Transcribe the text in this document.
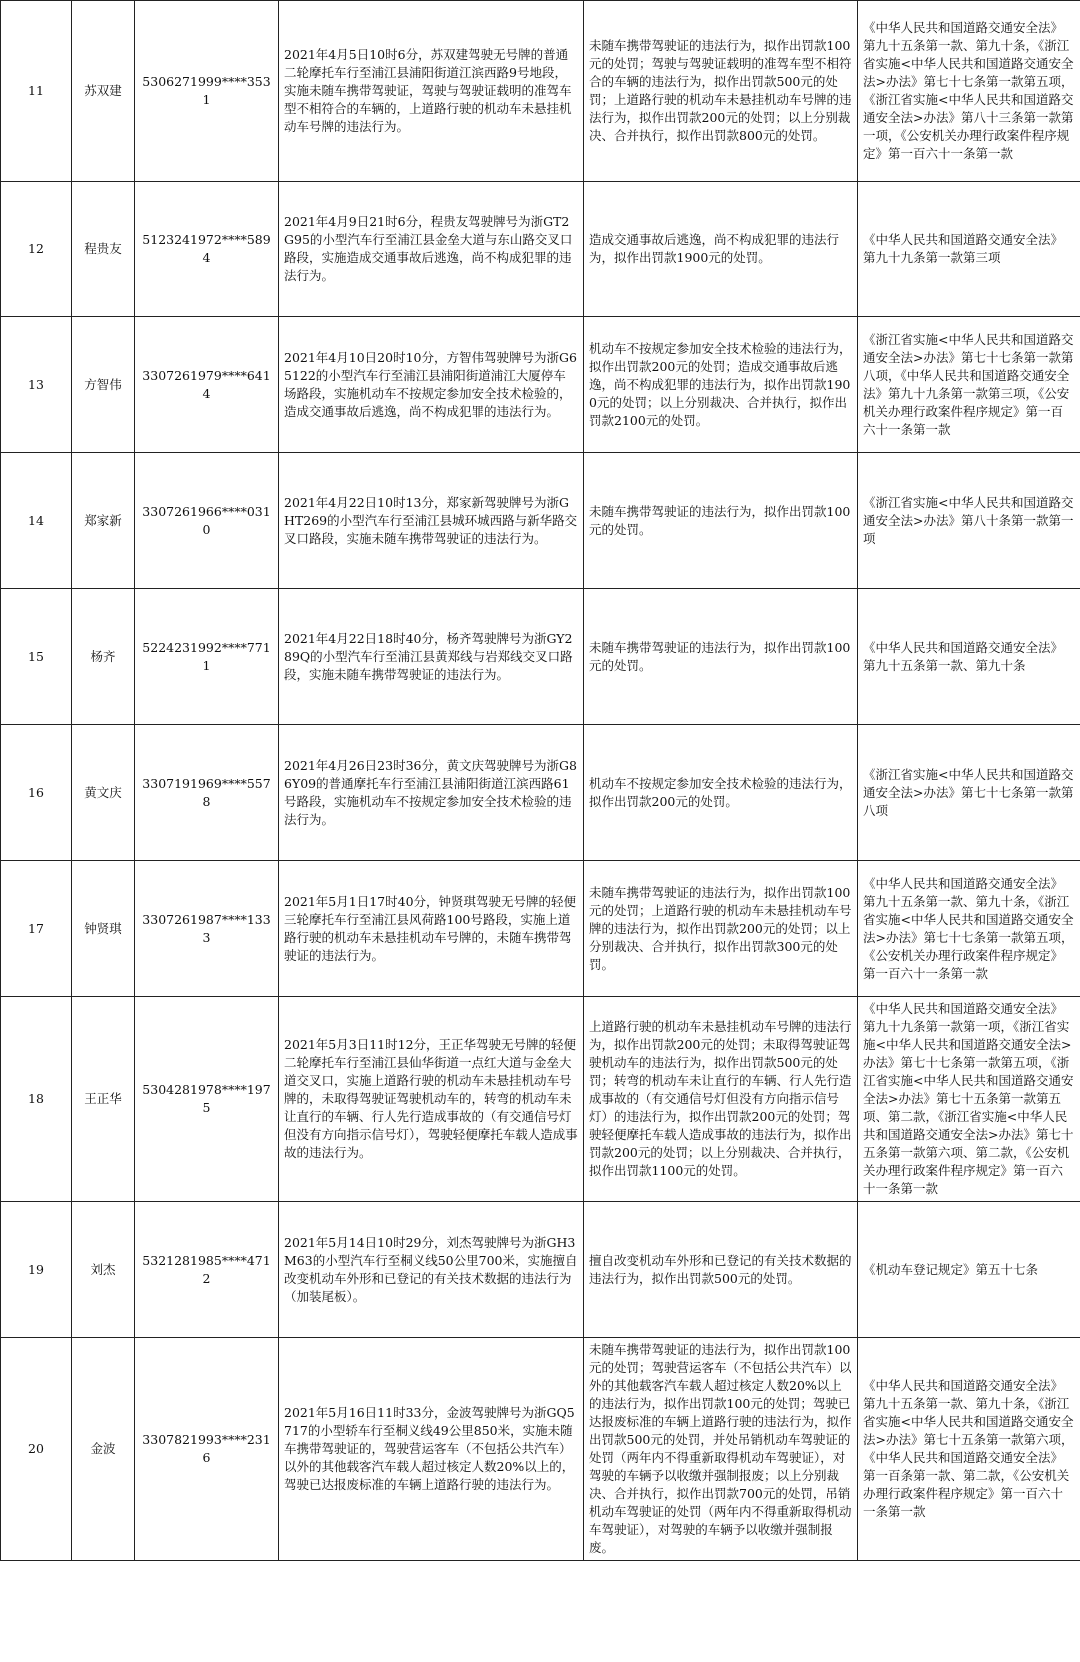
11	苏双建	5306271999****3531	2021年4月5日10时6分，苏双建驾驶无号牌的普通二轮摩托车行至浦江县浦阳街道江滨西路9号地段，实施未随车携带驾驶证，驾驶与驾驶证载明的准驾车型不相符合的车辆的，上道路行驶的机动车未悬挂机动车号牌的违法行为。	未随车携带驾驶证的违法行为，拟作出罚款100元的处罚；驾驶与驾驶证载明的准驾车型不相符合的车辆的违法行为，拟作出罚款500元的处罚；上道路行驶的机动车未悬挂机动车号牌的违法行为，拟作出罚款200元的处罚；以上分别裁决、合并执行，拟作出罚款800元的处罚。	《中华人民共和国道路交通安全法》第九十五条第一款、第九十条，《浙江省实施<中华人民共和国道路交通安全法>办法》第七十七条第一款第五项，《浙江省实施<中华人民共和国道路交通安全法>办法》第八十三条第一款第一项，《公安机关办理行政案件程序规定》第一百六十一条第一款
12	程贵友	5123241972****5894	2021年4月9日21时6分，程贵友驾驶牌号为浙GT2G95的小型汽车行至浦江县金垒大道与东山路交叉口路段，实施造成交通事故后逃逸，尚不构成犯罪的违法行为。	造成交通事故后逃逸，尚不构成犯罪的违法行为，拟作出罚款1900元的处罚。	《中华人民共和国道路交通安全法》第九十九条第一款第三项
13	方智伟	3307261979****6414	2021年4月10日20时10分，方智伟驾驶牌号为浙G65122的小型汽车行至浦江县浦阳街道浦江大厦停车场路段，实施机动车不按规定参加安全技术检验的，造成交通事故后逃逸，尚不构成犯罪的违法行为。	机动车不按规定参加安全技术检验的违法行为，拟作出罚款200元的处罚；造成交通事故后逃逸，尚不构成犯罪的违法行为，拟作出罚款1900元的处罚；以上分别裁决、合并执行，拟作出罚款2100元的处罚。	《浙江省实施<中华人民共和国道路交通安全法>办法》第七十七条第一款第八项，《中华人民共和国道路交通安全法》第九十九条第一款第三项，《公安机关办理行政案件程序规定》第一百六十一条第一款
14	郑家新	3307261966****0310	2021年4月22日10时13分，郑家新驾驶牌号为浙GHT269的小型汽车行至浦江县城环城西路与新华路交叉口路段，实施未随车携带驾驶证的违法行为。	未随车携带驾驶证的违法行为，拟作出罚款100元的处罚。	《浙江省实施<中华人民共和国道路交通安全法>办法》第八十条第一款第一项
15	杨齐	5224231992****7711	2021年4月22日18时40分，杨齐驾驶牌号为浙GY289Q的小型汽车行至浦江县黄郑线与岩郑线交叉口路段，实施未随车携带驾驶证的违法行为。	未随车携带驾驶证的违法行为，拟作出罚款100元的处罚。	《中华人民共和国道路交通安全法》第九十五条第一款、第九十条
16	黄文庆	3307191969****5578	2021年4月26日23时36分，黄文庆驾驶牌号为浙G86Y09的普通摩托车行至浦江县浦阳街道江滨西路61号路段，实施机动车不按规定参加安全技术检验的违法行为。	机动车不按规定参加安全技术检验的违法行为，拟作出罚款200元的处罚。	《浙江省实施<中华人民共和国道路交通安全法>办法》第七十七条第一款第八项
17	钟贤琪	3307261987****1333	2021年5月1日17时40分，钟贤琪驾驶无号牌的轻便三轮摩托车行至浦江县风荷路100号路段，实施上道路行驶的机动车未悬挂机动车号牌的，未随车携带驾驶证的违法行为。	未随车携带驾驶证的违法行为，拟作出罚款100元的处罚；上道路行驶的机动车未悬挂机动车号牌的违法行为，拟作出罚款200元的处罚；以上分别裁决、合并执行，拟作出罚款300元的处罚。	《中华人民共和国道路交通安全法》第九十五条第一款、第九十条，《浙江省实施<中华人民共和国道路交通安全法>办法》第七十七条第一款第五项，《公安机关办理行政案件程序规定》第一百六十一条第一款
18	王正华	5304281978****1975	2021年5月3日11时12分，王正华驾驶无号牌的轻便二轮摩托车行至浦江县仙华街道一点红大道与金垒大道交叉口，实施上道路行驶的机动车未悬挂机动车号牌的，未取得驾驶证驾驶机动车的，转弯的机动车未让直行的车辆、行人先行造成事故的（有交通信号灯但没有方向指示信号灯），驾驶轻便摩托车载人造成事故的违法行为。	上道路行驶的机动车未悬挂机动车号牌的违法行为，拟作出罚款200元的处罚；未取得驾驶证驾驶机动车的违法行为，拟作出罚款500元的处罚；转弯的机动车未让直行的车辆、行人先行造成事故的（有交通信号灯但没有方向指示信号灯）的违法行为，拟作出罚款200元的处罚；驾驶轻便摩托车载人造成事故的违法行为，拟作出罚款200元的处罚；以上分别裁决、合并执行，拟作出罚款1100元的处罚。	《中华人民共和国道路交通安全法》第九十九条第一款第一项，《浙江省实施<中华人民共和国道路交通安全法>办法》第七十七条第一款第五项，《浙江省实施<中华人民共和国道路交通安全法>办法》第七十五条第一款第五项、第二款，《浙江省实施<中华人民共和国道路交通安全法>办法》第七十五条第一款第六项、第二款，《公安机关办理行政案件程序规定》第一百六十一条第一款
19	刘杰	5321281985****4712	2021年5月14日10时29分，刘杰驾驶牌号为浙GH3M63的小型汽车行至桐义线50公里700米，实施擅自改变机动车外形和已登记的有关技术数据的违法行为（加装尾板）。	擅自改变机动车外形和已登记的有关技术数据的违法行为，拟作出罚款500元的处罚。	《机动车登记规定》第五十七条
20	金波	3307821993****2316	2021年5月16日11时33分，金波驾驶牌号为浙GQ5717的小型轿车行至桐义线49公里850米，实施未随车携带驾驶证的，驾驶营运客车（不包括公共汽车）以外的其他载客汽车载人超过核定人数20%以上的，驾驶已达报废标准的车辆上道路行驶的违法行为。	未随车携带驾驶证的违法行为，拟作出罚款100元的处罚；驾驶营运客车（不包括公共汽车）以外的其他载客汽车载人超过核定人数20%以上的违法行为，拟作出罚款100元的处罚；驾驶已达报废标准的车辆上道路行驶的违法行为，拟作出罚款500元的处罚，并处吊销机动车驾驶证的处罚（两年内不得重新取得机动车驾驶证），对驾驶的车辆予以收缴并强制报废；以上分别裁决、合并执行，拟作出罚款700元的处罚，吊销机动车驾驶证的处罚（两年内不得重新取得机动车驾驶证），对驾驶的车辆予以收缴并强制报废。	《中华人民共和国道路交通安全法》第九十五条第一款、第九十条，《浙江省实施<中华人民共和国道路交通安全法>办法》第七十五条第一款第六项，《中华人民共和国道路交通安全法》第一百条第一款、第二款，《公安机关办理行政案件程序规定》第一百六十一条第一款
